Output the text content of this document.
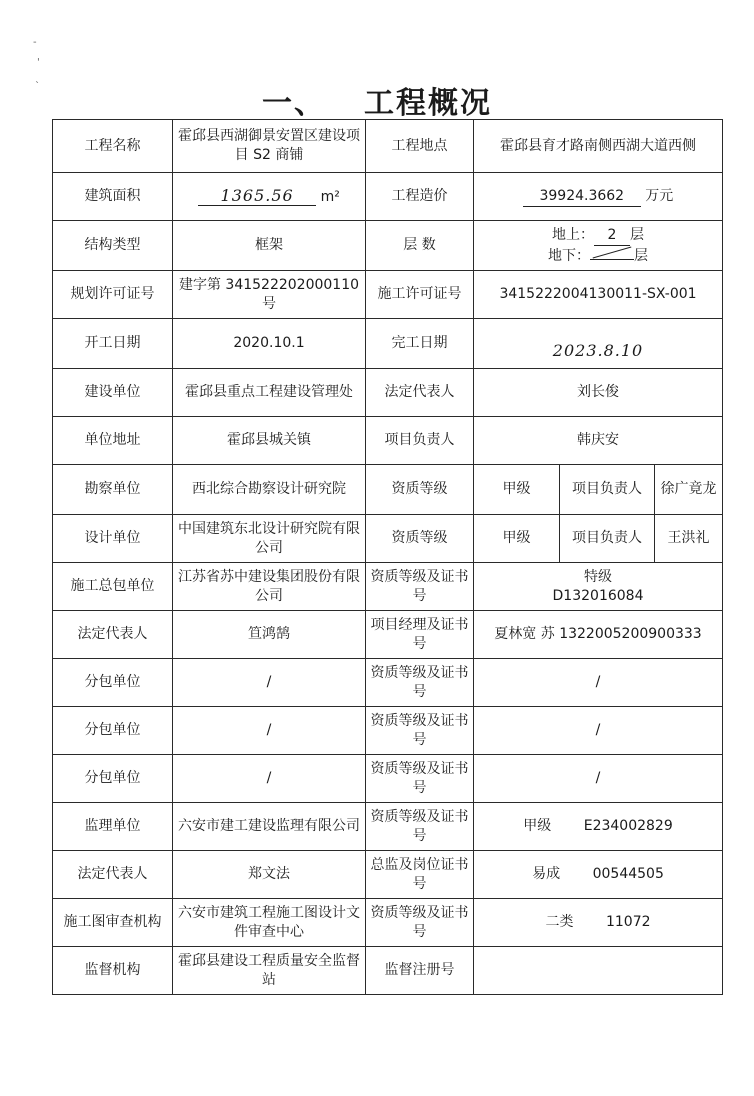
-
'
ˋ	一、 工程概况
工程名称	霍邱县西湖御景安置区建设项目 S2 商铺	工程地点	霍邱县育才路南侧西湖大道西侧		
建筑面积	1365.56 m²	工程造价	39924.3662 万元		
结构类型	框架	层 数	地上： 2 层
地下： 层		

规划许可证号	建字第 341522202000110 号	施工许可证号	3415222004130011-SX-001		
开工日期	2020.10.1	完工日期	2023.8.10		
建设单位	霍邱县重点工程建设管理处	法定代表人	刘长俊		
单位地址	霍邱县城关镇	项目负责人	韩庆安		
勘察单位	西北综合勘察设计研究院	资质等级	甲级	项目负责人	徐广竟龙
设计单位	中国建筑东北设计研究院有限公司	资质等级	甲级	项目负责人	王洪礼
施工总包单位	江苏省苏中建设集团股份有限公司	资质等级及证书号	特级
D132016084		

法定代表人	笪鸿鹄	项目经理及证书号	夏林宽 苏 1322005200900333		
分包单位	/	资质等级及证书号	/		
分包单位	/	资质等级及证书号	/		
分包单位	/	资质等级及证书号	/		
监理单位	六安市建工建设监理有限公司	资质等级及证书号	甲级 E234002829		
法定代表人	郑文法	总监及岗位证书号	易成 00544505		
施工图审查机构	六安市建筑工程施工图设计文件审查中心	资质等级及证书号	二类 11072		
监督机构	霍邱县建设工程质量安全监督站	监督注册号			
